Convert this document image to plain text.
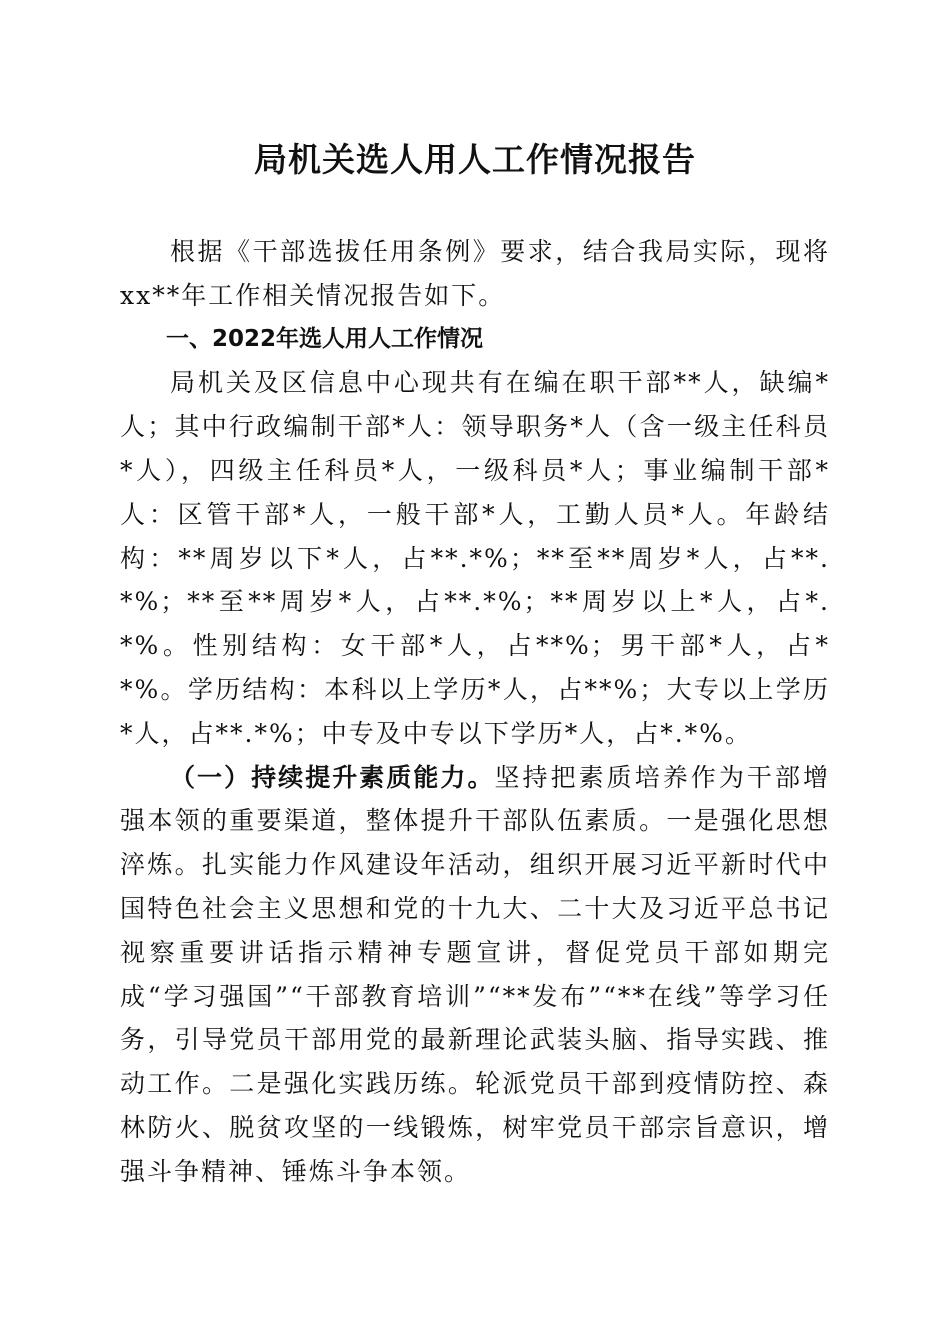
局机关选人用人工作情况报告

根据《干部选拔任用条例》要求，结合我局实际，现将xx**年工作相关情况报告如下。

一、2022年选人用人工作情况

局机关及区信息中心现共有在编在职干部**人，缺编*人；其中行政编制干部*人：领导职务*人（含一级主任科员*人），四级主任科员*人，一级科员*人；事业编制干部*人：区管干部*人，一般干部*人，工勤人员*人。年龄结构：**周岁以下*人，占**.*%；**至**周岁*人，占**.*%；**至**周岁*人，占**.*%；**周岁以上*人，占*.*%。性别结构：女干部*人，占**%；男干部*人，占**%。学历结构：本科以上学历*人，占**%；大专以上学历*人，占**.*%；中专及中专以下学历*人，占*.*%。

（一）持续提升素质能力。坚持把素质培养作为干部增强本领的重要渠道，整体提升干部队伍素质。一是强化思想淬炼。扎实能力作风建设年活动，组织开展习近平新时代中国特色社会主义思想和党的十九大、二十大及习近平总书记视察重要讲话指示精神专题宣讲，督促党员干部如期完成“学习强国”“干部教育培训”“**发布”“**在线”等学习任务，引导党员干部用党的最新理论武装头脑、指导实践、推动工作。二是强化实践历练。轮派党员干部到疫情防控、森林防火、脱贫攻坚的一线锻炼，树牢党员干部宗旨意识，增强斗争精神、锤炼斗争本领。
